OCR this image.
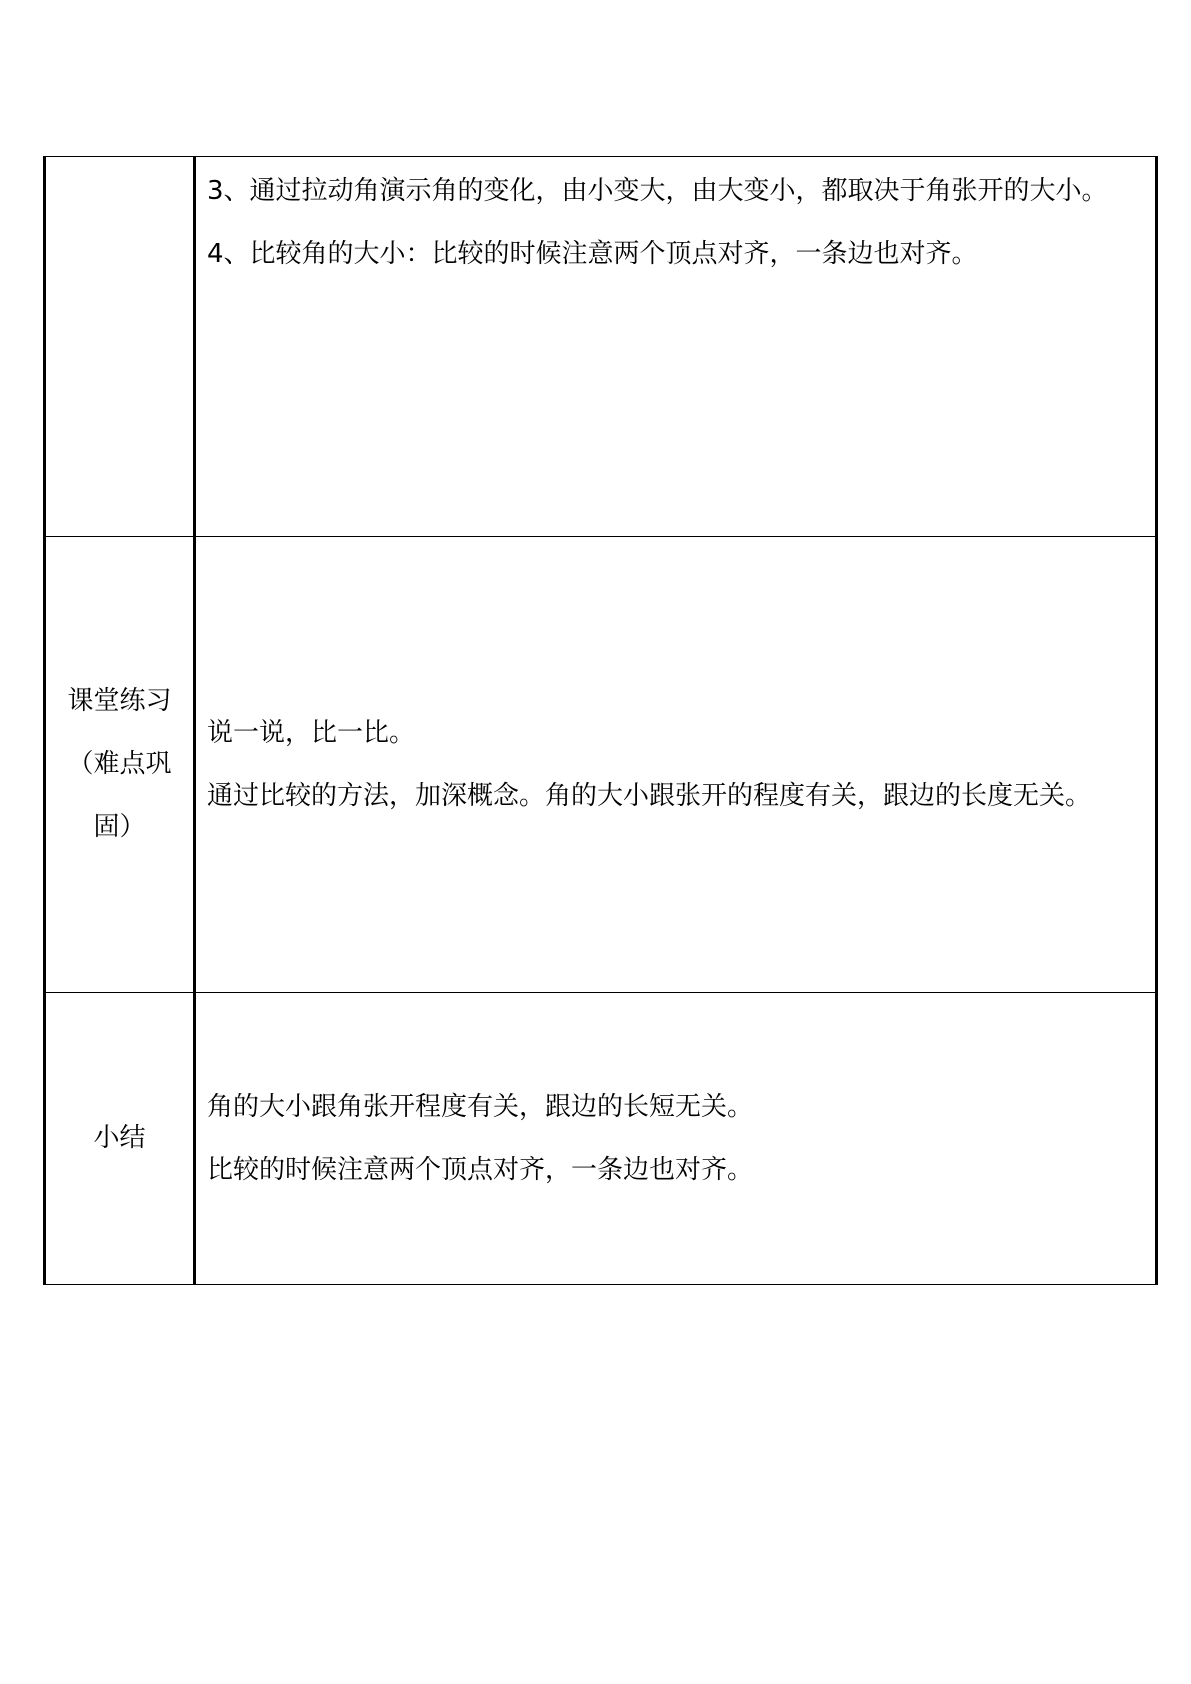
	3、通过拉动角演示角的变化，由小变大，由大变小，都取决于角张开的大小。
4、比较角的大小：比较的时候注意两个顶点对齐，一条边也对齐。

课堂练习
（难点巩
固）	说一说，比一比。
通过比较的方法，加深概念。角的大小跟张开的程度有关，跟边的长度无关。

小结	角的大小跟角张开程度有关，跟边的长短无关。
比较的时候注意两个顶点对齐，一条边也对齐。
